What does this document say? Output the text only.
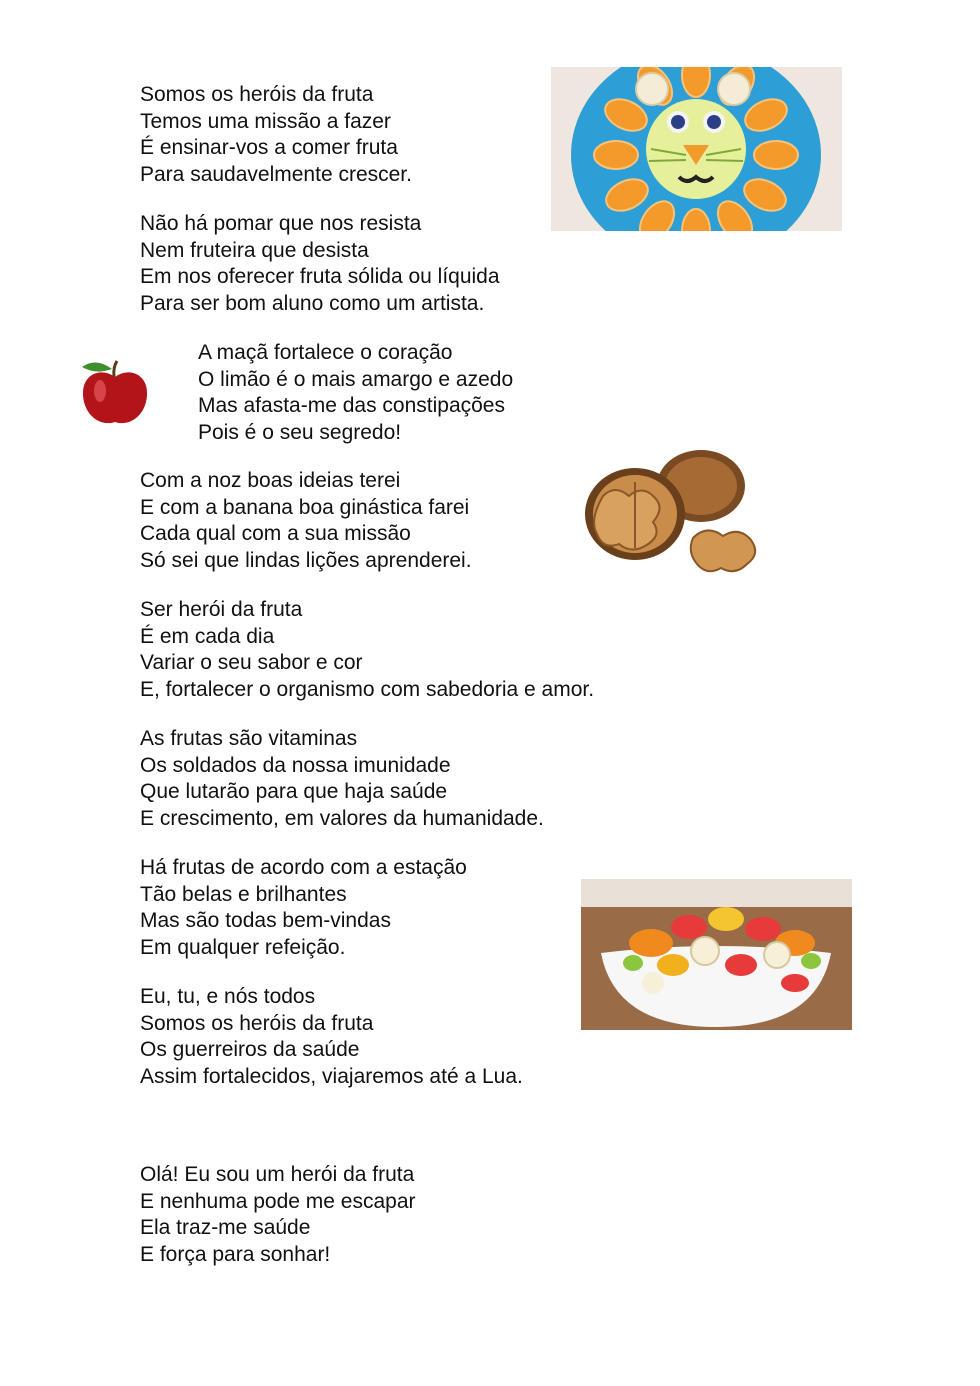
Somos os heróis da fruta
Temos uma missão a fazer
É ensinar-vos a comer fruta
Para saudavelmente crescer.
Não há pomar que nos resista
Nem fruteira que desista
Em nos oferecer fruta sólida ou líquida
Para ser bom aluno como um artista.
A maçã fortalece o coração
O limão é o mais amargo e azedo
Mas afasta-me das constipações
Pois é o seu segredo!
Com a noz boas ideias terei
E com a banana boa ginástica farei
Cada qual com a sua missão
Só sei que lindas lições aprenderei.
Ser herói da fruta
É em cada dia
Variar o seu sabor e cor
E, fortalecer o organismo com sabedoria e amor.
As frutas são vitaminas
Os soldados da nossa imunidade
Que lutarão para que haja saúde
E crescimento, em valores da humanidade.
Há frutas de acordo com a estação
Tão belas e brilhantes
Mas são todas bem-vindas
Em qualquer refeição.
Eu, tu, e nós todos
Somos os heróis da fruta
Os guerreiros da saúde
Assim fortalecidos, viajaremos até a Lua.
Olá! Eu sou um herói da fruta
E nenhuma pode me escapar
Ela traz-me saúde
E força para sonhar!
